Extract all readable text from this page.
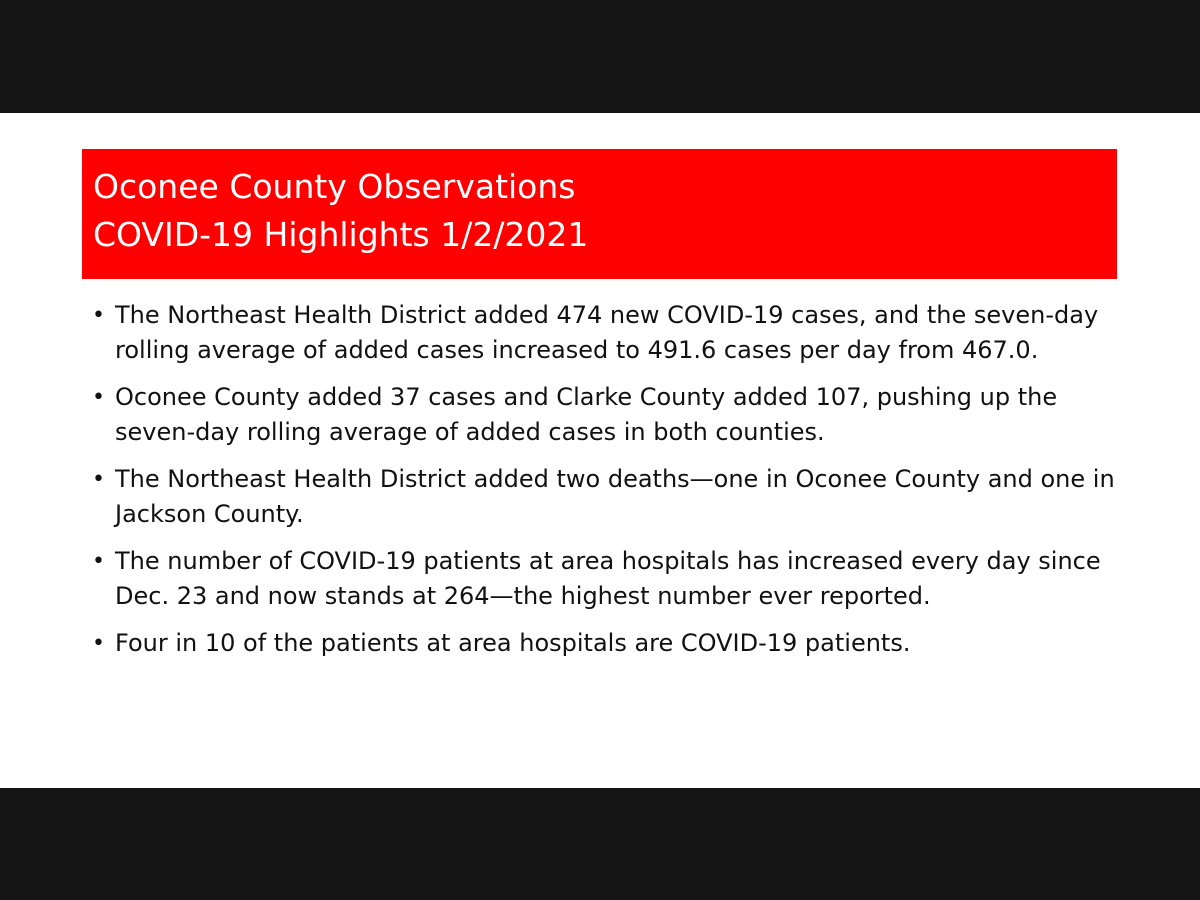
Oconee County Observations
COVID-19 Highlights 1/2/2021
• The Northeast Health District added 474 new COVID-19 cases, and the seven-day rolling average of added cases increased to 491.6 cases per day from 467.0.
• Oconee County added 37 cases and Clarke County added 107, pushing up the seven-day rolling average of added cases in both counties.
• The Northeast Health District added two deaths—one in Oconee County and one in Jackson County.
• The number of COVID-19 patients at area hospitals has increased every day since Dec. 23 and now stands at 264—the highest number ever reported.
• Four in 10 of the patients at area hospitals are COVID-19 patients.
